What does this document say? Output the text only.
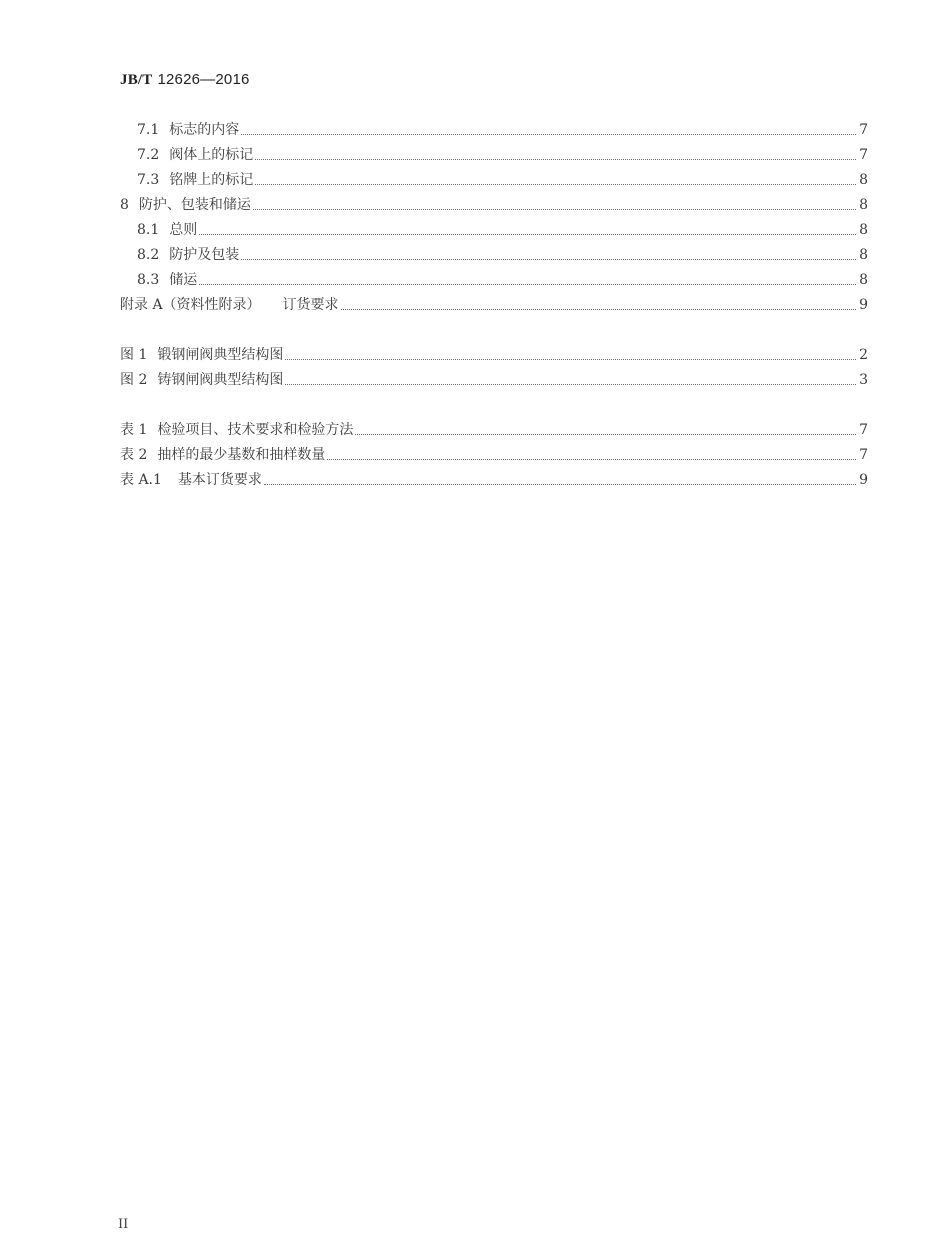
JB/T 12626—2016
7.1 标志的内容	7
7.2 阀体上的标记	7
7.3 铭牌上的标记	8
8 防护、包装和储运	8
8.1 总则	8
8.2 防护及包装	8
8.3 储运	8
附录 A（资料性附录） 订货要求	9
图 1 锻钢闸阀典型结构图	2
图 2 铸钢闸阀典型结构图	3
表 1 检验项目、技术要求和检验方法	7
表 2 抽样的最少基数和抽样数量	7
表 A.1 基本订货要求	9
II
